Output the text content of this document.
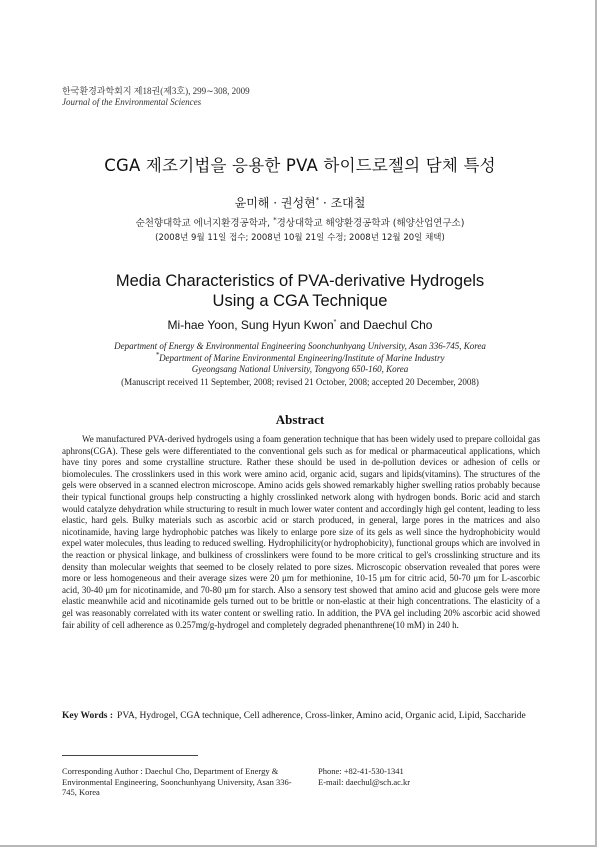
한국환경과학회지 제18권(제3호), 299∼308, 2009
Journal of the Environmental Sciences
CGA 제조기법을 응용한 PVA 하이드로젤의 담체 특성
윤미해 · 권성현* · 조대철
순천향대학교 에너지환경공학과, *경상대학교 해양환경공학과 (해양산업연구소)
(2008년 9월 11일 접수; 2008년 10월 21일 수정; 2008년 12월 20일 채택)
Media Characteristics of PVA-derivative Hydrogels
Using a CGA Technique
Mi-hae Yoon, Sung Hyun Kwon* and Daechul Cho
Department of Energy & Environmental Engineering Soonchunhyang University, Asan 336-745, Korea
*Department of Marine Environmental Engineering/Institute of Marine Industry
Gyeongsang National University, Tongyong 650-160, Korea
(Manuscript received 11 September, 2008; revised 21 October, 2008; accepted 20 December, 2008)
Abstract
We manufactured PVA-derived hydrogels using a foam generation technique that has been widely used to prepare colloidal gas aphrons(CGA). These gels were differentiated to the conventional gels such as for medical or pharmaceutical applications, which have tiny pores and some crystalline structure. Rather these should be used in de-pollution devices or adhesion of cells or biomolecules. The crosslinkers used in this work were amino acid, organic acid, sugars and lipids(vitamins). The structures of the gels were observed in a scanned electron microscope. Amino acids gels showed remarkably higher swelling ratios probably because their typical functional groups help constructing a highly crosslinked network along with hydrogen bonds. Boric acid and starch would catalyze dehydration while structuring to result in much lower water content and accordingly high gel content, leading to less elastic, hard gels. Bulky materials such as ascorbic acid or starch produced, in general, large pores in the matrices and also nicotinamide, having large hydrophobic patches was likely to enlarge pore size of its gels as well since the hydrophobicity would expel water molecules, thus leading to reduced swelling. Hydrophilicity(or hydrophobicity), functional groups which are involved in the reaction or physical linkage, and bulkiness of crosslinkers were found to be more critical to gel's crosslinking structure and its density than molecular weights that seemed to be closely related to pore sizes. Microscopic observation revealed that pores were more or less homogeneous and their average sizes were 20 μm for methionine, 10-15 μm for citric acid, 50-70 μm for L-ascorbic acid, 30-40 μm for nicotinamide, and 70-80 μm for starch. Also a sensory test showed that amino acid and glucose gels were more elastic meanwhile acid and nicotinamide gels turned out to be brittle or non-elastic at their high concentrations. The elasticity of a gel was reasonably correlated with its water content or swelling ratio. In addition, the PVA gel including 20% ascorbic acid showed fair ability of cell adherence as 0.257mg/g-hydrogel and completely degraded phenanthrene(10 mM) in 240 h.
Key Words : PVA, Hydrogel, CGA technique, Cell adherence, Cross-linker, Amino acid, Organic acid, Lipid, Saccharide
Corresponding Author : Daechul Cho, Department of Energy & Environmental Engineering, Soonchunhyang University, Asan 336-745, Korea
Phone: +82-41-530-1341
E-mail: daechul@sch.ac.kr
